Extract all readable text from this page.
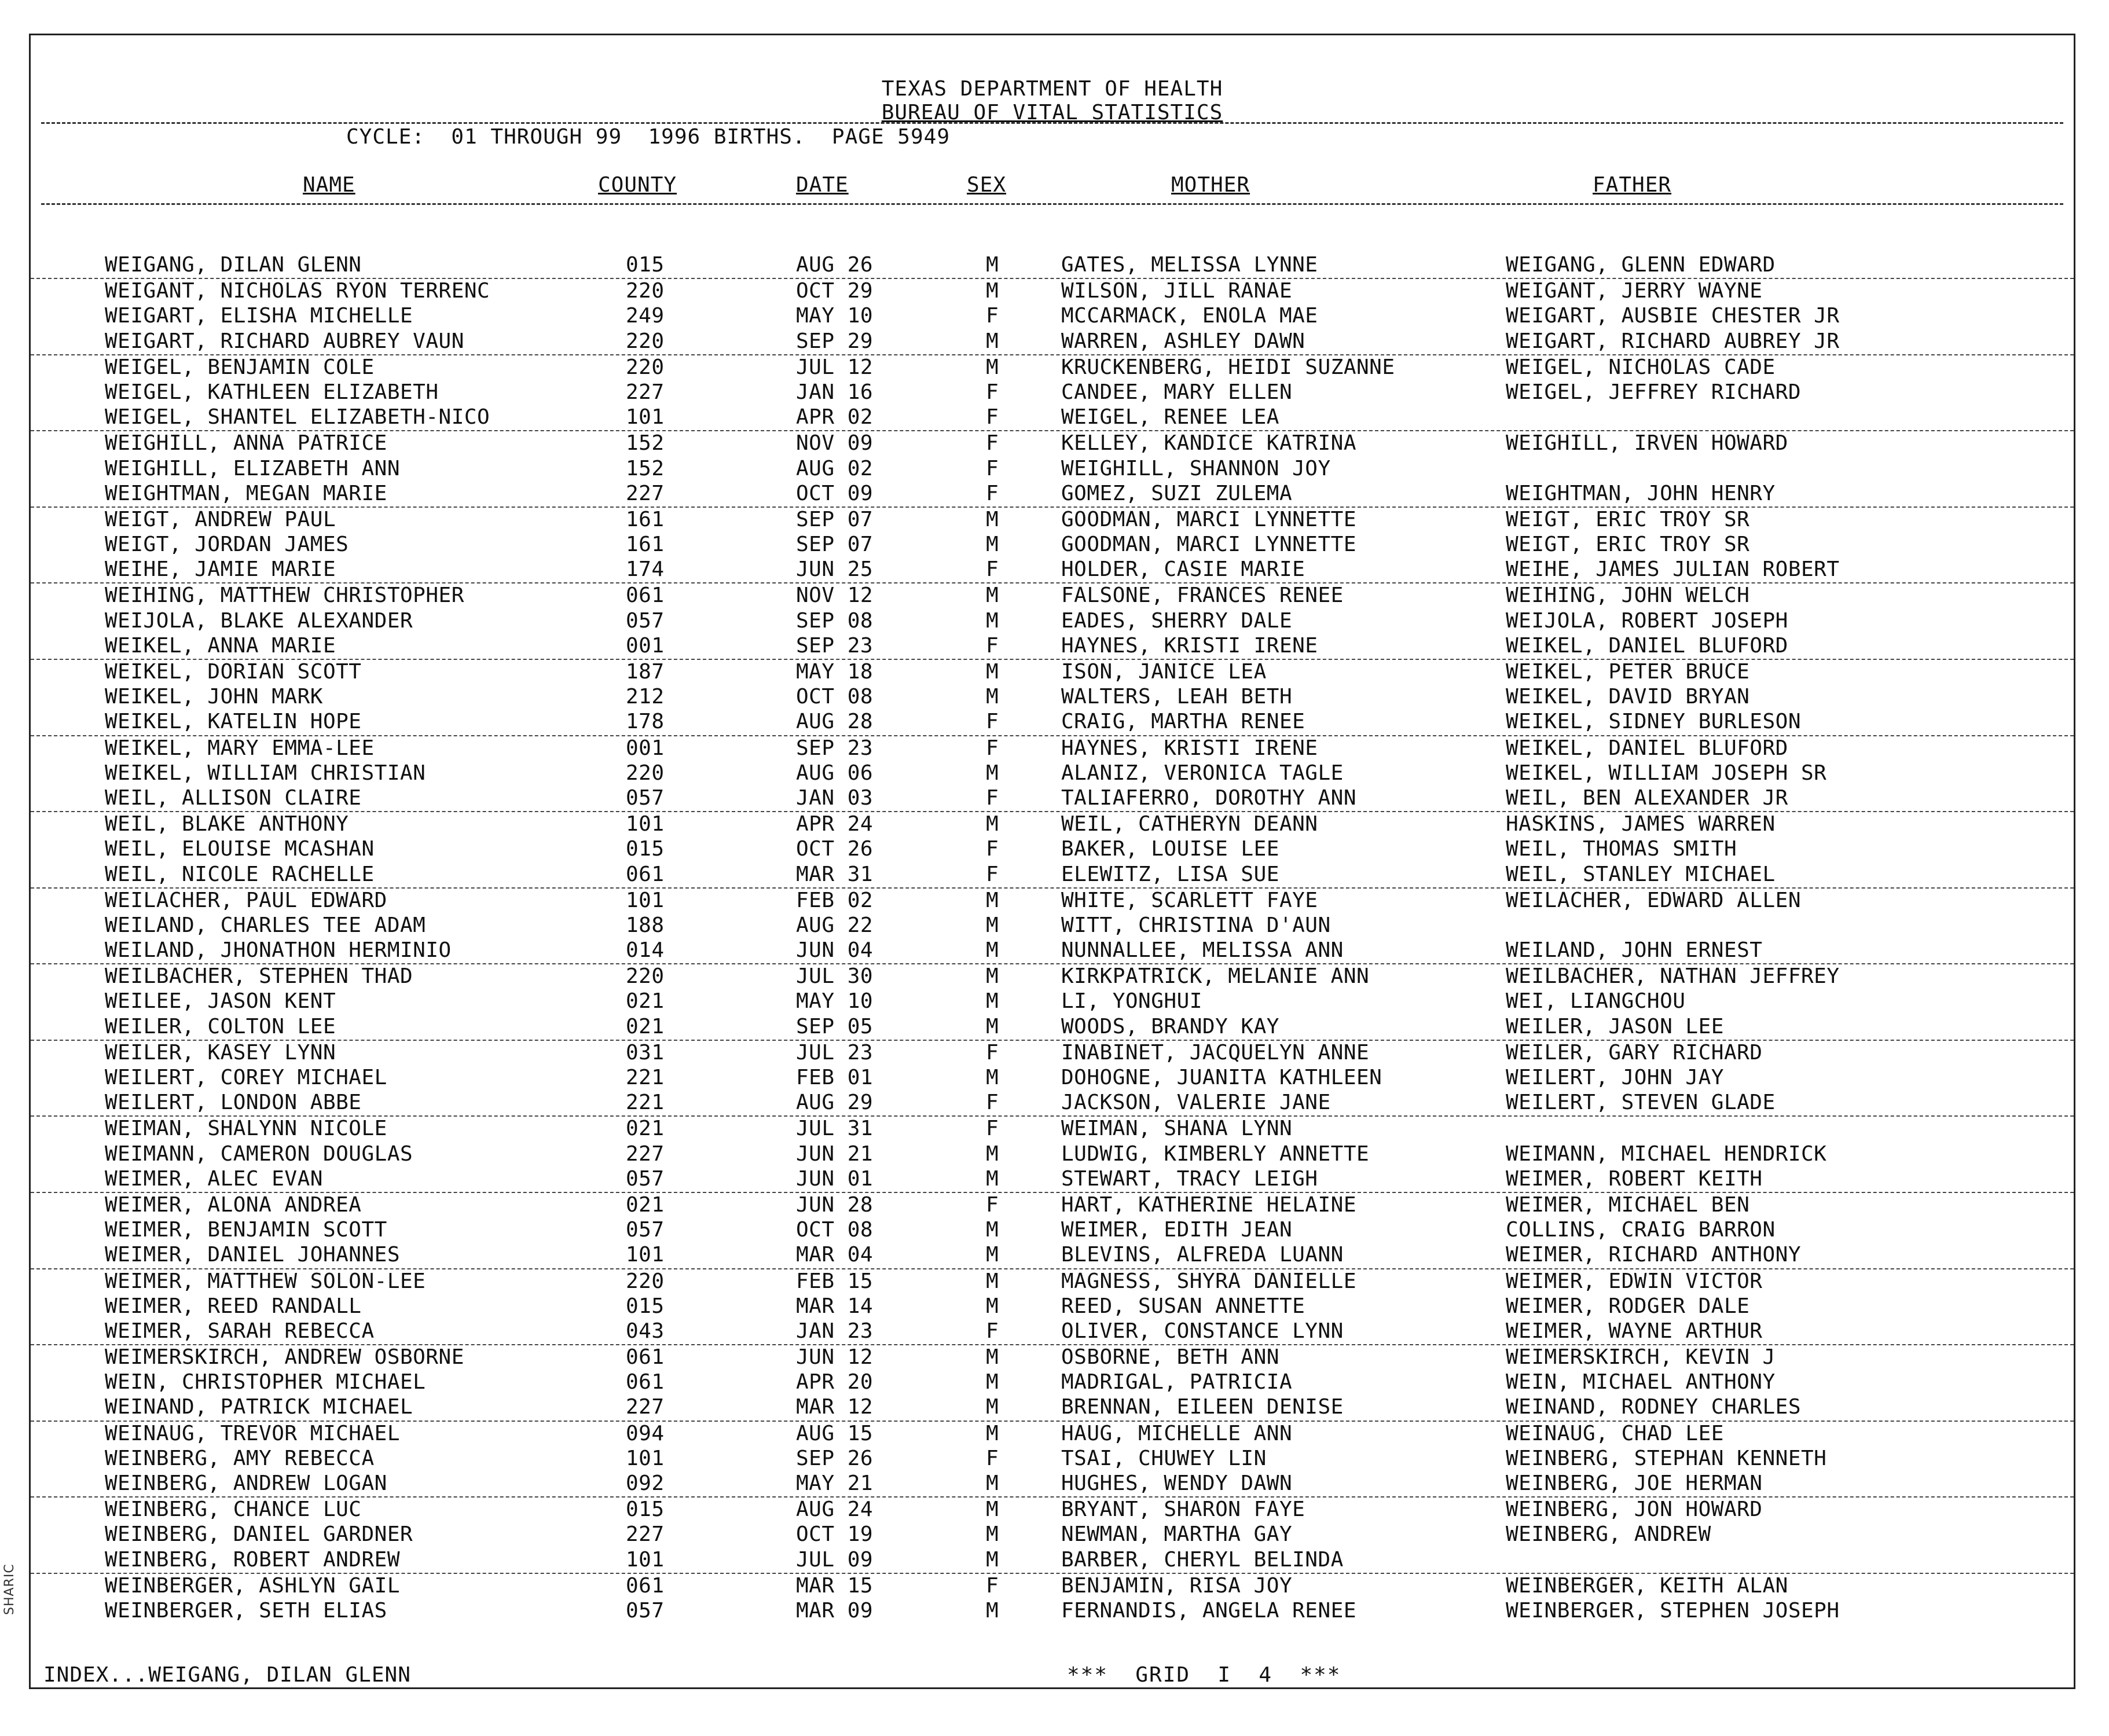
TEXAS DEPARTMENT OF HEALTH
BUREAU OF VITAL STATISTICS
CYCLE:  01 THROUGH 99  1996 BIRTHS.  PAGE 5949
NAME	COUNTY	DATE	SEX	MOTHER	FATHER
WEIGANG, DILAN GLENN	015	AUG 26	M	GATES, MELISSA LYNNE	WEIGANG, GLENN EDWARD
WEIGANT, NICHOLAS RYON TERRENC	220	OCT 29	M	WILSON, JILL RANAE	WEIGANT, JERRY WAYNE
WEIGART, ELISHA MICHELLE	249	MAY 10	F	MCCARMACK, ENOLA MAE	WEIGART, AUSBIE CHESTER JR
WEIGART, RICHARD AUBREY VAUN	220	SEP 29	M	WARREN, ASHLEY DAWN	WEIGART, RICHARD AUBREY JR
WEIGEL, BENJAMIN COLE	220	JUL 12	M	KRUCKENBERG, HEIDI SUZANNE	WEIGEL, NICHOLAS CADE
WEIGEL, KATHLEEN ELIZABETH	227	JAN 16	F	CANDEE, MARY ELLEN	WEIGEL, JEFFREY RICHARD
WEIGEL, SHANTEL ELIZABETH-NICO	101	APR 02	F	WEIGEL, RENEE LEA
WEIGHILL, ANNA PATRICE	152	NOV 09	F	KELLEY, KANDICE KATRINA	WEIGHILL, IRVEN HOWARD
WEIGHILL, ELIZABETH ANN	152	AUG 02	F	WEIGHILL, SHANNON JOY
WEIGHTMAN, MEGAN MARIE	227	OCT 09	F	GOMEZ, SUZI ZULEMA	WEIGHTMAN, JOHN HENRY
WEIGT, ANDREW PAUL	161	SEP 07	M	GOODMAN, MARCI LYNNETTE	WEIGT, ERIC TROY SR
WEIGT, JORDAN JAMES	161	SEP 07	M	GOODMAN, MARCI LYNNETTE	WEIGT, ERIC TROY SR
WEIHE, JAMIE MARIE	174	JUN 25	F	HOLDER, CASIE MARIE	WEIHE, JAMES JULIAN ROBERT
WEIHING, MATTHEW CHRISTOPHER	061	NOV 12	M	FALSONE, FRANCES RENEE	WEIHING, JOHN WELCH
WEIJOLA, BLAKE ALEXANDER	057	SEP 08	M	EADES, SHERRY DALE	WEIJOLA, ROBERT JOSEPH
WEIKEL, ANNA MARIE	001	SEP 23	F	HAYNES, KRISTI IRENE	WEIKEL, DANIEL BLUFORD
WEIKEL, DORIAN SCOTT	187	MAY 18	M	ISON, JANICE LEA	WEIKEL, PETER BRUCE
WEIKEL, JOHN MARK	212	OCT 08	M	WALTERS, LEAH BETH	WEIKEL, DAVID BRYAN
WEIKEL, KATELIN HOPE	178	AUG 28	F	CRAIG, MARTHA RENEE	WEIKEL, SIDNEY BURLESON
WEIKEL, MARY EMMA-LEE	001	SEP 23	F	HAYNES, KRISTI IRENE	WEIKEL, DANIEL BLUFORD
WEIKEL, WILLIAM CHRISTIAN	220	AUG 06	M	ALANIZ, VERONICA TAGLE	WEIKEL, WILLIAM JOSEPH SR
WEIL, ALLISON CLAIRE	057	JAN 03	F	TALIAFERRO, DOROTHY ANN	WEIL, BEN ALEXANDER JR
WEIL, BLAKE ANTHONY	101	APR 24	M	WEIL, CATHERYN DEANN	HASKINS, JAMES WARREN
WEIL, ELOUISE MCASHAN	015	OCT 26	F	BAKER, LOUISE LEE	WEIL, THOMAS SMITH
WEIL, NICOLE RACHELLE	061	MAR 31	F	ELEWITZ, LISA SUE	WEIL, STANLEY MICHAEL
WEILACHER, PAUL EDWARD	101	FEB 02	M	WHITE, SCARLETT FAYE	WEILACHER, EDWARD ALLEN
WEILAND, CHARLES TEE ADAM	188	AUG 22	M	WITT, CHRISTINA D'AUN
WEILAND, JHONATHON HERMINIO	014	JUN 04	M	NUNNALLEE, MELISSA ANN	WEILAND, JOHN ERNEST
WEILBACHER, STEPHEN THAD	220	JUL 30	M	KIRKPATRICK, MELANIE ANN	WEILBACHER, NATHAN JEFFREY
WEILEE, JASON KENT	021	MAY 10	M	LI, YONGHUI	WEI, LIANGCHOU
WEILER, COLTON LEE	021	SEP 05	M	WOODS, BRANDY KAY	WEILER, JASON LEE
WEILER, KASEY LYNN	031	JUL 23	F	INABINET, JACQUELYN ANNE	WEILER, GARY RICHARD
WEILERT, COREY MICHAEL	221	FEB 01	M	DOHOGNE, JUANITA KATHLEEN	WEILERT, JOHN JAY
WEILERT, LONDON ABBE	221	AUG 29	F	JACKSON, VALERIE JANE	WEILERT, STEVEN GLADE
WEIMAN, SHALYNN NICOLE	021	JUL 31	F	WEIMAN, SHANA LYNN
WEIMANN, CAMERON DOUGLAS	227	JUN 21	M	LUDWIG, KIMBERLY ANNETTE	WEIMANN, MICHAEL HENDRICK
WEIMER, ALEC EVAN	057	JUN 01	M	STEWART, TRACY LEIGH	WEIMER, ROBERT KEITH
WEIMER, ALONA ANDREA	021	JUN 28	F	HART, KATHERINE HELAINE	WEIMER, MICHAEL BEN
WEIMER, BENJAMIN SCOTT	057	OCT 08	M	WEIMER, EDITH JEAN	COLLINS, CRAIG BARRON
WEIMER, DANIEL JOHANNES	101	MAR 04	M	BLEVINS, ALFREDA LUANN	WEIMER, RICHARD ANTHONY
WEIMER, MATTHEW SOLON-LEE	220	FEB 15	M	MAGNESS, SHYRA DANIELLE	WEIMER, EDWIN VICTOR
WEIMER, REED RANDALL	015	MAR 14	M	REED, SUSAN ANNETTE	WEIMER, RODGER DALE
WEIMER, SARAH REBECCA	043	JAN 23	F	OLIVER, CONSTANCE LYNN	WEIMER, WAYNE ARTHUR
WEIMERSKIRCH, ANDREW OSBORNE	061	JUN 12	M	OSBORNE, BETH ANN	WEIMERSKIRCH, KEVIN J
WEIN, CHRISTOPHER MICHAEL	061	APR 20	M	MADRIGAL, PATRICIA	WEIN, MICHAEL ANTHONY
WEINAND, PATRICK MICHAEL	227	MAR 12	M	BRENNAN, EILEEN DENISE	WEINAND, RODNEY CHARLES
WEINAUG, TREVOR MICHAEL	094	AUG 15	M	HAUG, MICHELLE ANN	WEINAUG, CHAD LEE
WEINBERG, AMY REBECCA	101	SEP 26	F	TSAI, CHUWEY LIN	WEINBERG, STEPHAN KENNETH
WEINBERG, ANDREW LOGAN	092	MAY 21	M	HUGHES, WENDY DAWN	WEINBERG, JOE HERMAN
WEINBERG, CHANCE LUC	015	AUG 24	M	BRYANT, SHARON FAYE	WEINBERG, JON HOWARD
WEINBERG, DANIEL GARDNER	227	OCT 19	M	NEWMAN, MARTHA GAY	WEINBERG, ANDREW
WEINBERG, ROBERT ANDREW	101	JUL 09	M	BARBER, CHERYL BELINDA
WEINBERGER, ASHLYN GAIL	061	MAR 15	F	BENJAMIN, RISA JOY	WEINBERGER, KEITH ALAN
WEINBERGER, SETH ELIAS	057	MAR 09	M	FERNANDIS, ANGELA RENEE	WEINBERGER, STEPHEN JOSEPH
INDEX...WEIGANG, DILAN GLENN	***  GRID  I  4  ***
SHARIC
